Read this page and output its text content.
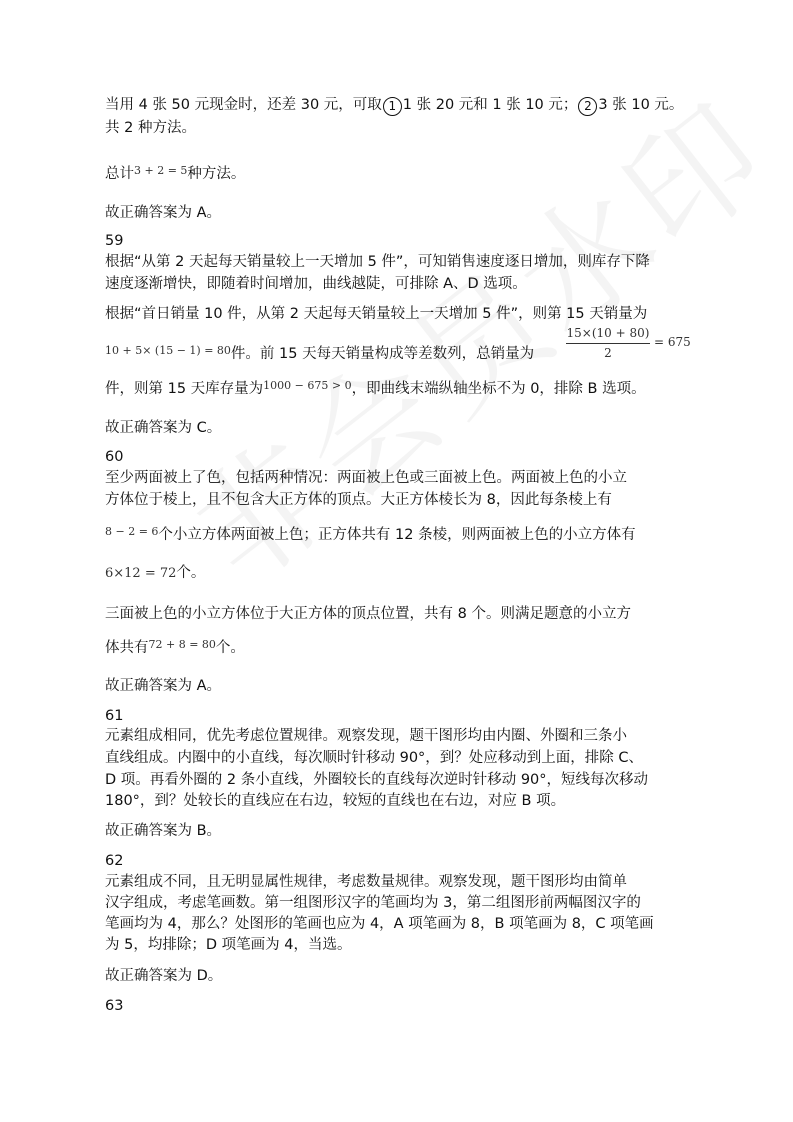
当用 4 张 50 元现金时，还差 30 元，可取 1 1 张 20 元和 1 张 10 元； 2 3 张 10 元。
共 2 种方法。
总计$^{3 + 2 = 5}$种方法。
故正确答案为 A。
59
根据“从第 2 天起每天销量较上一天增加 5 件”，可知销售速度逐日增加，则库存下降
速度逐渐增快，即随着时间增加，曲线越陡，可排除 A、D 选项。
根据“首日销量 10 件，从第 2 天起每天销量较上一天增加 5 件”，则第 15 天销量为
$^{10 + 5\times (15 - 1) = 80}$件。前 15 天每天销量构成等差数列，总销量为
15×(10 + 80)
2
= 675
件，则第 15 天库存量为$^{1000 - 675 > 0}$，即曲线末端纵轴坐标不为 0，排除 B 选项。
故正确答案为 C。
60
至少两面被上了色，包括两种情况：两面被上色或三面被上色。两面被上色的小立
方体位于棱上，且不包含大正方体的顶点。大正方体棱长为 8，因此每条棱上有
$^{8 - 2 = 6}$个小立方体两面被上色；正方体共有 12 条棱，则两面被上色的小立方体有
6×12 = 72个。
三面被上色的小立方体位于大正方体的顶点位置，共有 8 个。则满足题意的小立方
体共有$^{72 + 8 = 80}$个。
故正确答案为 A。
61
元素组成相同，优先考虑位置规律。观察发现，题干图形均由内圈、外圈和三条小
直线组成。内圈中的小直线，每次顺时针移动 90°，到？处应移动到上面，排除 C、
D 项。再看外圈的 2 条小直线，外圈较长的直线每次逆时针移动 90°，短线每次移动
180°，到？处较长的直线应在右边，较短的直线也在右边，对应 B 项。
故正确答案为 B。
62
元素组成不同，且无明显属性规律，考虑数量规律。观察发现，题干图形均由简单
汉字组成，考虑笔画数。第一组图形汉字的笔画均为 3，第二组图形前两幅图汉字的
笔画均为 4，那么？处图形的笔画也应为 4，A 项笔画为 8，B 项笔画为 8，C 项笔画
为 5，均排除；D 项笔画为 4，当选。
故正确答案为 D。
63
